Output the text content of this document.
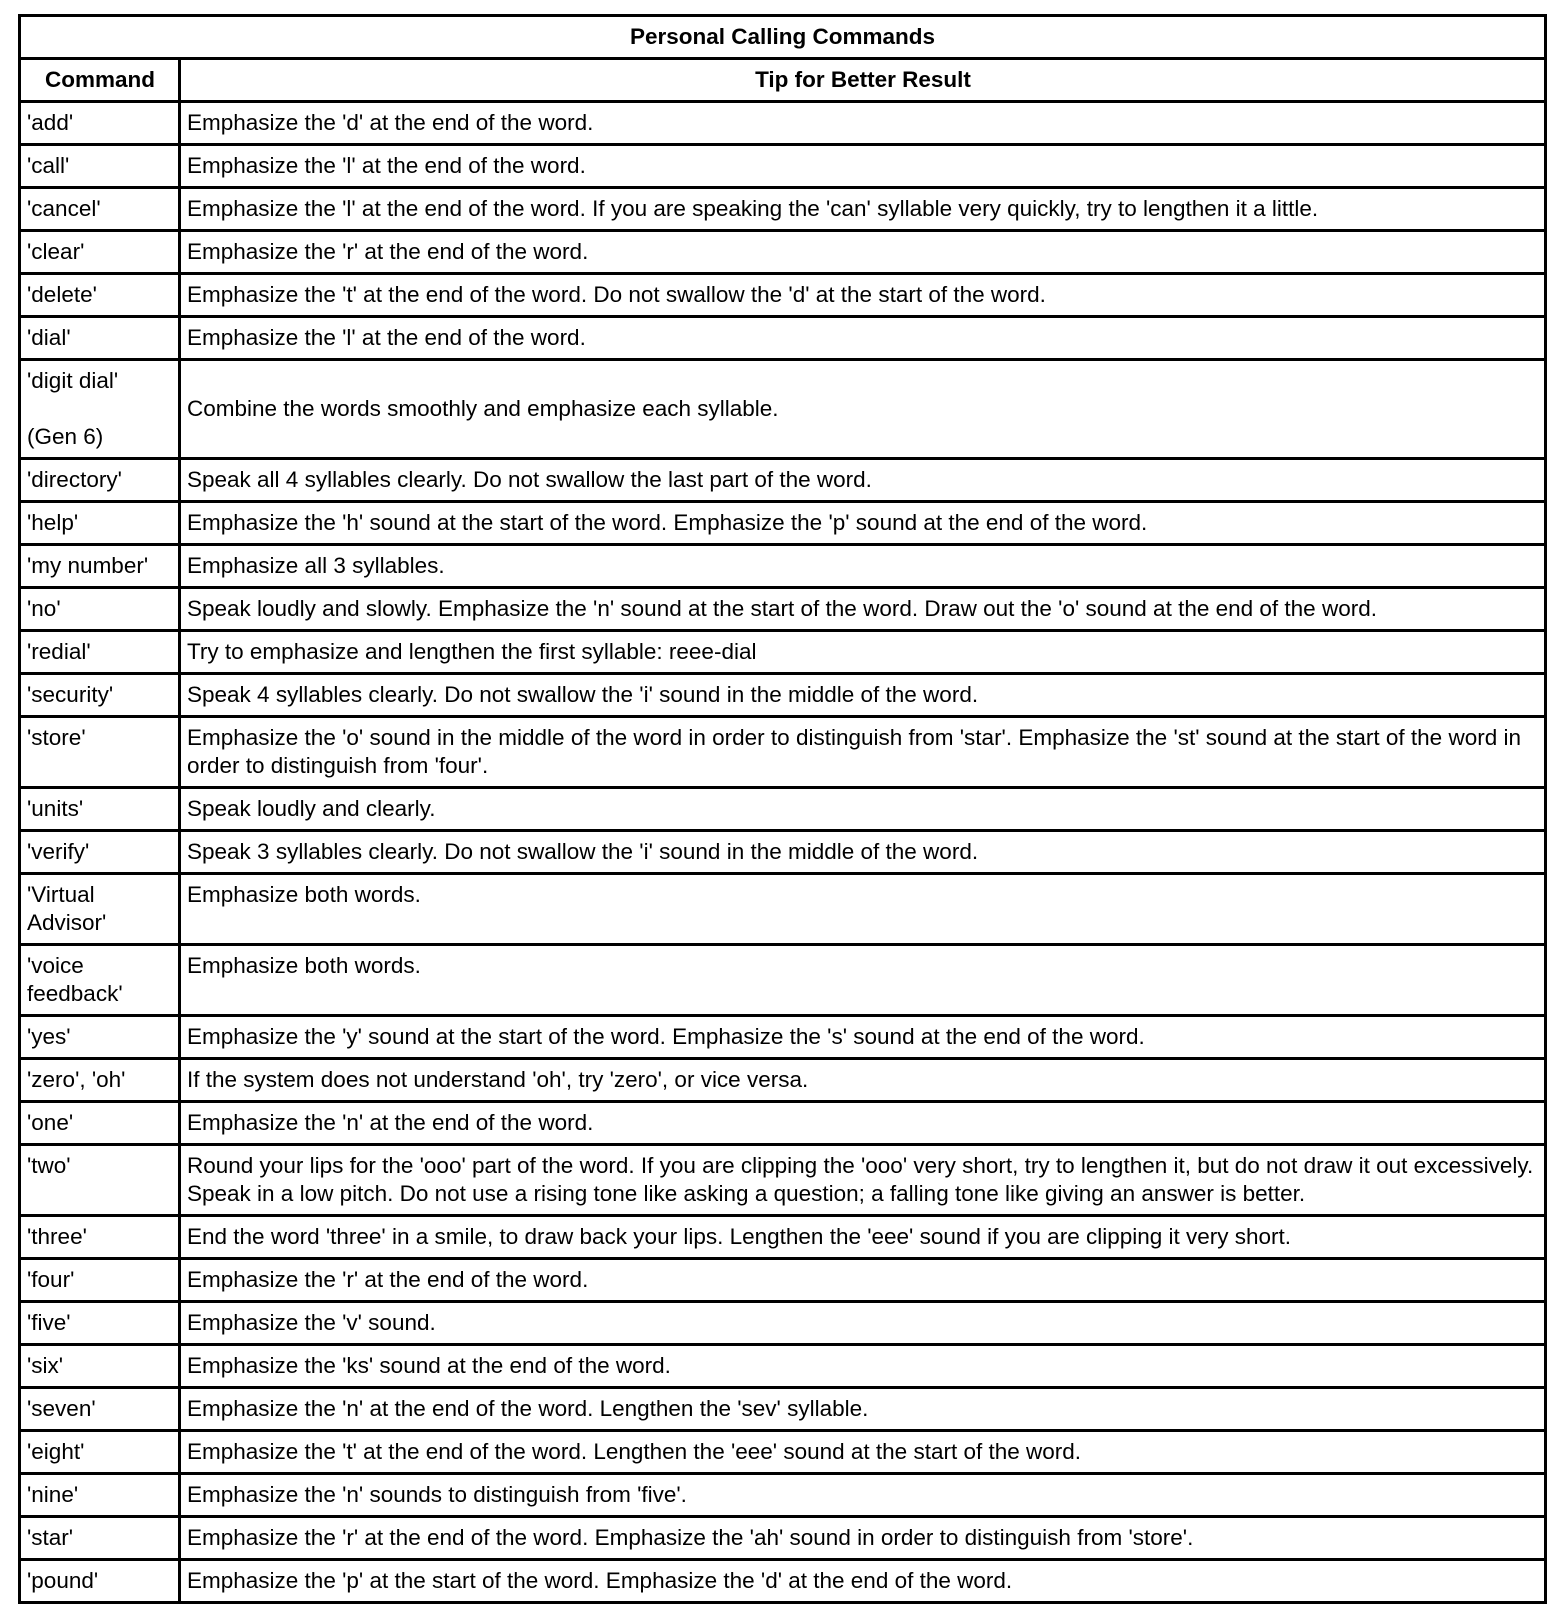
Personal Calling Commands	
Command	Tip for Better Result

'add'	Emphasize the 'd' at the end of the word.

'call'	Emphasize the 'l' at the end of the word.

'cancel'	Emphasize the 'l' at the end of the word. If you are speaking the 'can' syllable very quickly, try to lengthen it a little.

'clear'	Emphasize the 'r' at the end of the word.

'delete'	Emphasize the 't' at the end of the word. Do not swallow the 'd' at the start of the word.

'dial'	Emphasize the 'l' at the end of the word.

'digit dial'
(Gen 6)	Combine the words smoothly and emphasize each syllable.

'directory'	Speak all 4 syllables clearly. Do not swallow the last part of the word.

'help'	Emphasize the 'h' sound at the start of the word. Emphasize the 'p' sound at the end of the word.

'my number'	Emphasize all 3 syllables.

'no'	Speak loudly and slowly. Emphasize the 'n' sound at the start of the word. Draw out the 'o' sound at the end of the word.

'redial'	Try to emphasize and lengthen the first syllable: reee-dial

'security'	Speak 4 syllables clearly. Do not swallow the 'i' sound in the middle of the word.

'store'	Emphasize the 'o' sound in the middle of the word in order to distinguish from 'star'. Emphasize the 'st' sound at the start of the word in order to distinguish from 'four'.

'units'	Speak loudly and clearly.

'verify'	Speak 3 syllables clearly. Do not swallow the 'i' sound in the middle of the word.

'Virtual Advisor'	Emphasize both words.

'voice feedback'	Emphasize both words.

'yes'	Emphasize the 'y' sound at the start of the word. Emphasize the 's' sound at the end of the word.

'zero', 'oh'	If the system does not understand 'oh', try 'zero', or vice versa.

'one'	Emphasize the 'n' at the end of the word.

'two'	Round your lips for the 'ooo' part of the word. If you are clipping the 'ooo' very short, try to lengthen it, but do not draw it out excessively. Speak in a low pitch. Do not use a rising tone like asking a question; a falling tone like giving an answer is better.

'three'	End the word 'three' in a smile, to draw back your lips. Lengthen the 'eee' sound if you are clipping it very short.

'four'	Emphasize the 'r' at the end of the word.

'five'	Emphasize the 'v' sound.

'six'	Emphasize the 'ks' sound at the end of the word.

'seven'	Emphasize the 'n' at the end of the word. Lengthen the 'sev' syllable.

'eight'	Emphasize the 't' at the end of the word. Lengthen the 'eee' sound at the start of the word.

'nine'	Emphasize the 'n' sounds to distinguish from 'five'.

'star'	Emphasize the 'r' at the end of the word. Emphasize the 'ah' sound in order to distinguish from 'store'.

'pound'	Emphasize the 'p' at the start of the word. Emphasize the 'd' at the end of the word.
